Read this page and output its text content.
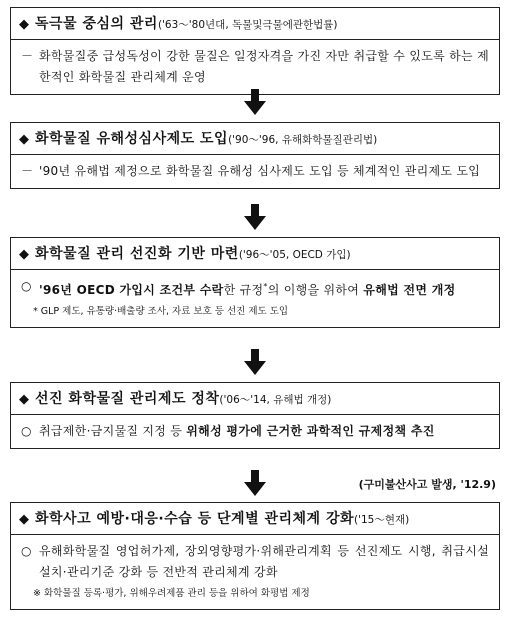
◆ 독극물 중심의 관리 ('63～'80년대, 독물및극물에관한법률)
－ 화학물질중 급성독성이 강한 물질은 일정자격을 가진 자만 취급할 수 있도록 하는 제한적인 화학물질 관리체계 운영
◆ 화학물질 유해성심사제도 도입 ('90～'96, 유해화학물질관리법)
－ '90년 유해법 제정으로 화학물질 유해성 심사제도 도입 등 체계적인 관리제도 도입
◆ 화학물질 관리 선진화 기반 마련 ('96～'05, OECD 가입)
○ '96년 OECD 가입시 조건부 수락한 규정*의 이행을 위하여 유해법 전면 개정
* GLP 제도, 유통량·배출량 조사, 자료 보호 등 선진 제도 도입
◆ 선진 화학물질 관리제도 정착 ('06～'14, 유해법 개정)
○ 취급제한·금지물질 지정 등 위해성 평가에 근거한 과학적인 규제정책 추진
(구미불산사고 발생, '12.9)
◆ 화학사고 예방·대응·수습 등 단계별 관리체계 강화 ('15～현재)
○ 유해화학물질 영업허가제, 장외영향평가·위해관리계획 등 선진제도 시행, 취급시설 설치·관리기준 강화 등 전반적 관리체계 강화
※ 화학물질 등록·평가, 위해우려제품 관리 등을 위하여 화평법 제정
